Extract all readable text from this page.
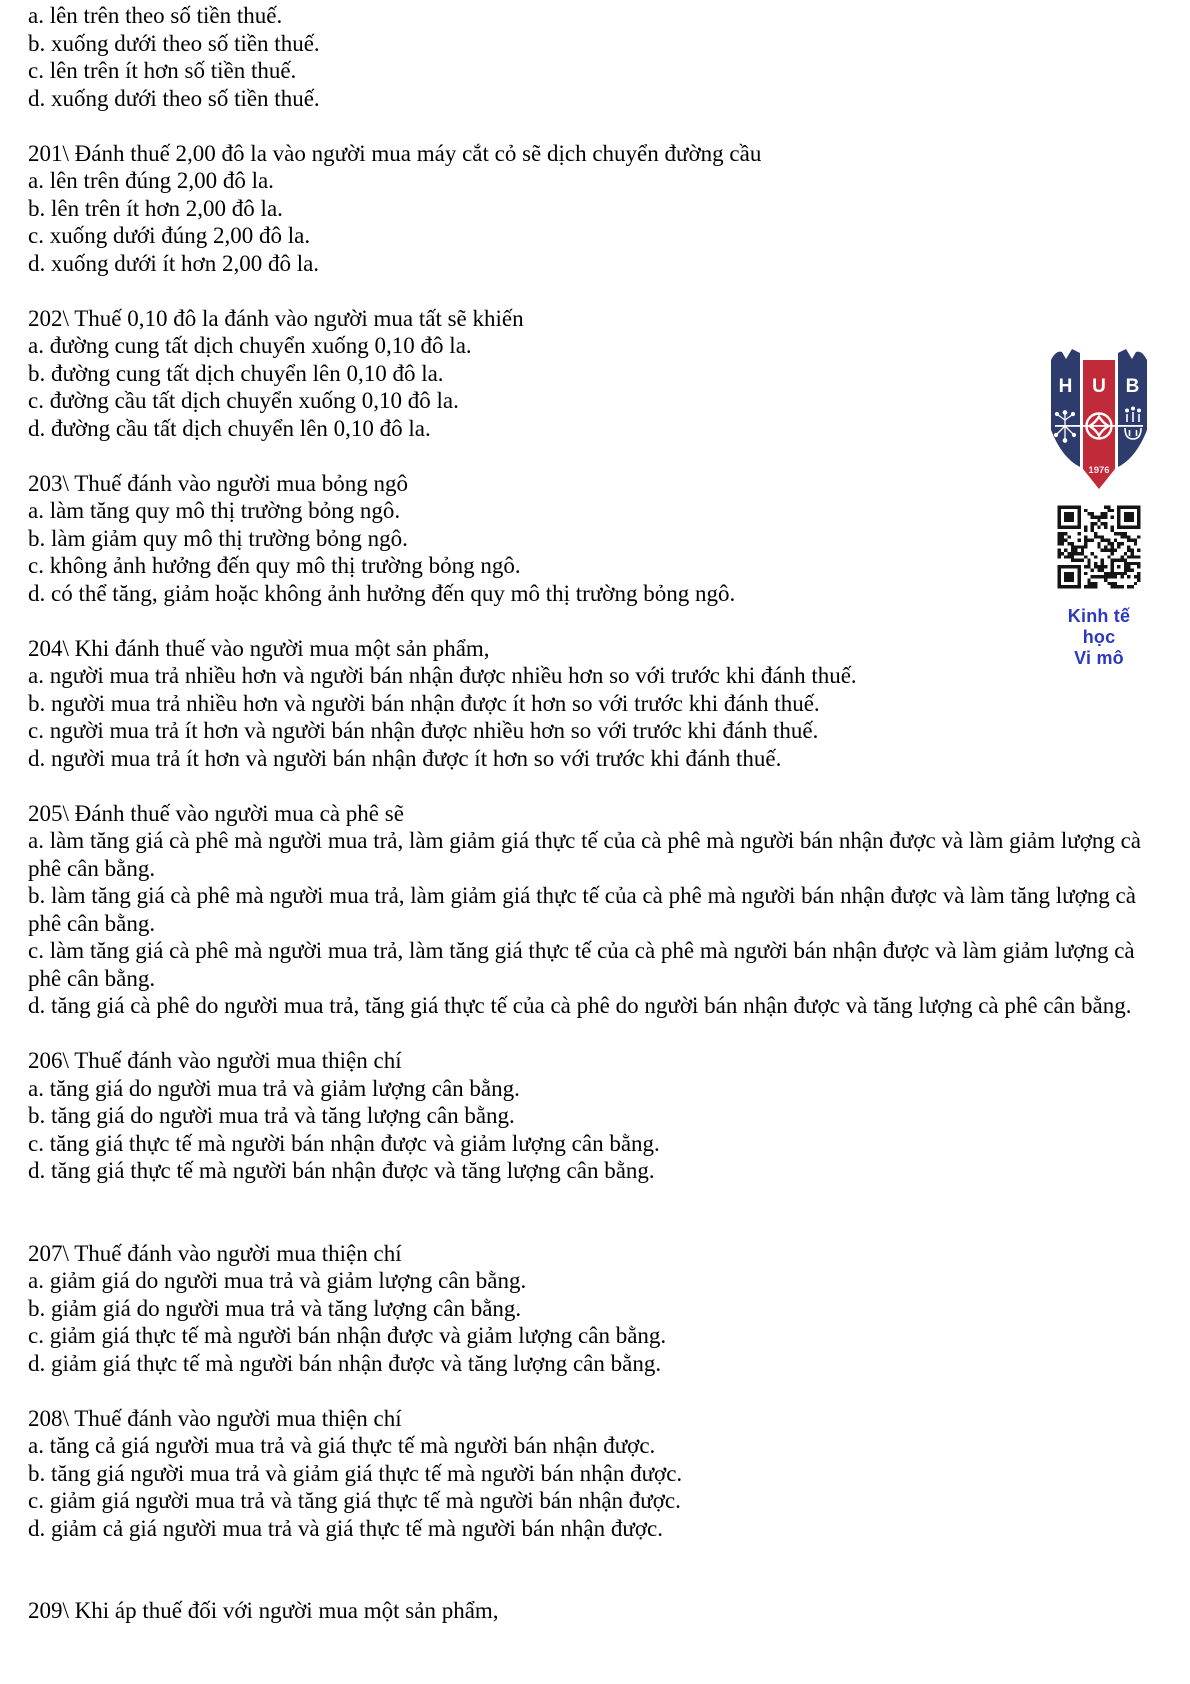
a. lên trên theo số tiền thuế.

b. xuống dưới theo số tiền thuế.

c. lên trên ít hơn số tiền thuế.

d. xuống dưới theo số tiền thuế.

201\ Đánh thuế 2,00 đô la vào người mua máy cắt cỏ sẽ dịch chuyển đường cầu

a. lên trên đúng 2,00 đô la.

b. lên trên ít hơn 2,00 đô la.

c. xuống dưới đúng 2,00 đô la.

d. xuống dưới ít hơn 2,00 đô la.

202\ Thuế 0,10 đô la đánh vào người mua tất sẽ khiến

a. đường cung tất dịch chuyển xuống 0,10 đô la.

b. đường cung tất dịch chuyển lên 0,10 đô la.

c. đường cầu tất dịch chuyển xuống 0,10 đô la.

d. đường cầu tất dịch chuyển lên 0,10 đô la.

203\ Thuế đánh vào người mua bỏng ngô

a. làm tăng quy mô thị trường bỏng ngô.

b. làm giảm quy mô thị trường bỏng ngô.

c. không ảnh hưởng đến quy mô thị trường bỏng ngô.

d. có thể tăng, giảm hoặc không ảnh hưởng đến quy mô thị trường bỏng ngô.

204\ Khi đánh thuế vào người mua một sản phẩm,

a. người mua trả nhiều hơn và người bán nhận được nhiều hơn so với trước khi đánh thuế.

b. người mua trả nhiều hơn và người bán nhận được ít hơn so với trước khi đánh thuế.

c. người mua trả ít hơn và người bán nhận được nhiều hơn so với trước khi đánh thuế.

d. người mua trả ít hơn và người bán nhận được ít hơn so với trước khi đánh thuế.

205\ Đánh thuế vào người mua cà phê sẽ

a. làm tăng giá cà phê mà người mua trả, làm giảm giá thực tế của cà phê mà người bán nhận được và làm giảm lượng cà phê cân bằng.

b. làm tăng giá cà phê mà người mua trả, làm giảm giá thực tế của cà phê mà người bán nhận được và làm tăng lượng cà phê cân bằng.

c. làm tăng giá cà phê mà người mua trả, làm tăng giá thực tế của cà phê mà người bán nhận được và làm giảm lượng cà phê cân bằng.

d. tăng giá cà phê do người mua trả, tăng giá thực tế của cà phê do người bán nhận được và tăng lượng cà phê cân bằng.

206\ Thuế đánh vào người mua thiện chí

a. tăng giá do người mua trả và giảm lượng cân bằng.

b. tăng giá do người mua trả và tăng lượng cân bằng.

c. tăng giá thực tế mà người bán nhận được và giảm lượng cân bằng.

d. tăng giá thực tế mà người bán nhận được và tăng lượng cân bằng.

207\ Thuế đánh vào người mua thiện chí

a. giảm giá do người mua trả và giảm lượng cân bằng.

b. giảm giá do người mua trả và tăng lượng cân bằng.

c. giảm giá thực tế mà người bán nhận được và giảm lượng cân bằng.

d. giảm giá thực tế mà người bán nhận được và tăng lượng cân bằng.

208\ Thuế đánh vào người mua thiện chí

a. tăng cả giá người mua trả và giá thực tế mà người bán nhận được.

b. tăng giá người mua trả và giảm giá thực tế mà người bán nhận được.

c. giảm giá người mua trả và tăng giá thực tế mà người bán nhận được.

d. giảm cả giá người mua trả và giá thực tế mà người bán nhận được.

209\ Khi áp thuế đối với người mua một sản phẩm,

H U B
1976
Kinh tế học
Vi mô
